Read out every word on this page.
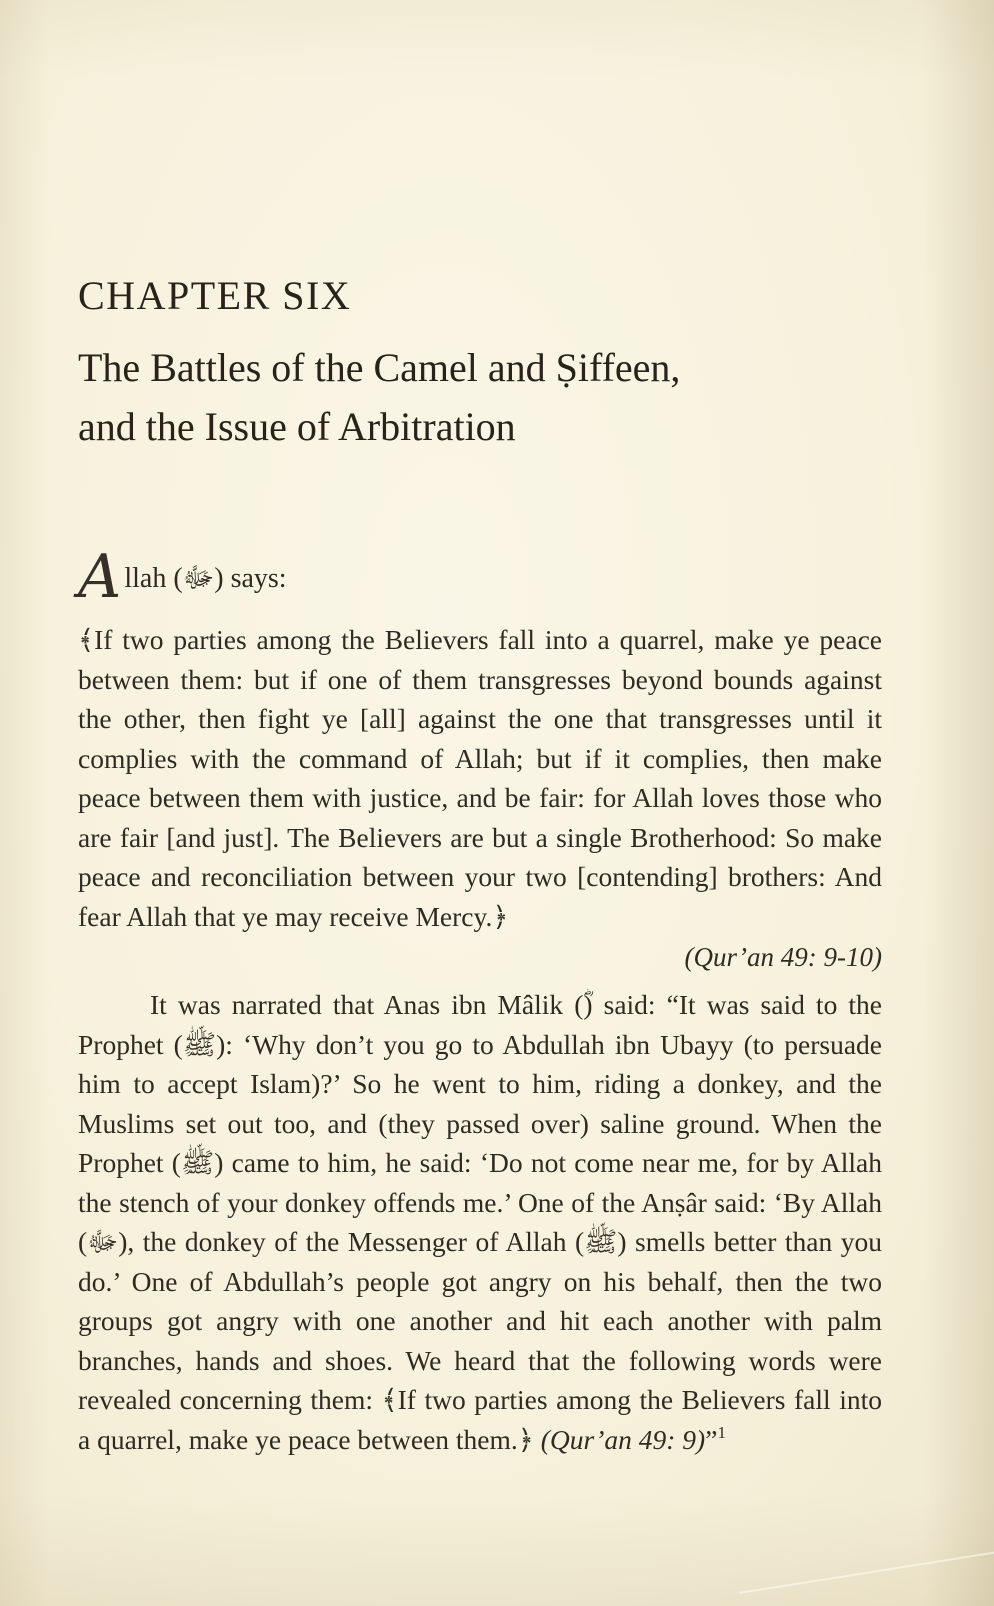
CHAPTER SIX
The Battles of the Camel and Ṣiffeen,
and the Issue of Arbitration

Allah (ﷻ) says:

﴾If two parties among the Believers fall into a quarrel, make ye peace between them: but if one of them transgresses beyond bounds against the other, then fight ye [all] against the one that transgresses until it complies with the command of Allah; but if it complies, then make peace between them with justice, and be fair: for Allah loves those who are fair [and just]. The Believers are but a single Brotherhood: So make peace and reconciliation between your two [contending] brothers: And fear Allah that ye may receive Mercy.﴿

(Qur’an 49: 9-10)

It was narrated that Anas ibn Mâlik (ؓ) said: “It was said to the Prophet (ﷺ): ‘Why don’t you go to Abdullah ibn Ubayy (to persuade him to accept Islam)?’ So he went to him, riding a donkey, and the Muslims set out too, and (they passed over) saline ground. When the Prophet (ﷺ) came to him, he said: ‘Do not come near me, for by Allah the stench of your donkey offends me.’ One of the Anṣâr said: ‘By Allah (ﷻ), the donkey of the Messenger of Allah (ﷺ) smells better than you do.’ One of Abdullah’s people got angry on his behalf, then the two groups got angry with one another and hit each another with palm branches, hands and shoes. We heard that the following words were revealed concerning them: ﴾If two parties among the Believers fall into a quarrel, make ye peace between them.﴿ (Qur’an 49: 9)”$^1$
